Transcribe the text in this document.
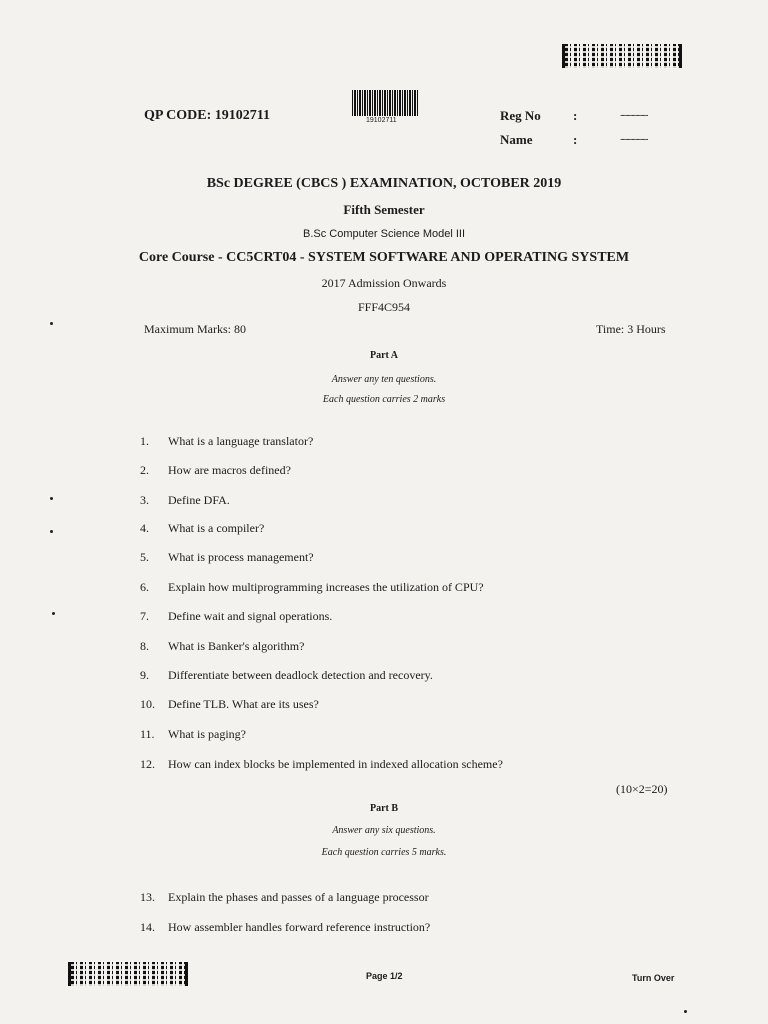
QP CODE: 19102711	19102711	Reg No :	......................
Name	:	......................
BSc DEGREE (CBCS ) EXAMINATION, OCTOBER 2019
Fifth Semester
B.Sc Computer Science Model III
Core Course - CC5CRT04 - SYSTEM SOFTWARE AND OPERATING SYSTEM
2017 Admission Onwards
FFF4C954
Maximum Marks: 80	Time: 3 Hours
Part A
Answer any ten questions.
Each question carries 2 marks
1.	What is a language translator?
2.	How are macros defined?
3.	Define DFA.
4.	What is a compiler?
5.	What is process management?
6.	Explain how multiprogramming increases the utilization of CPU?
7.	Define wait and signal operations.
8.	What is Banker's algorithm?
9.	Differentiate between deadlock detection and recovery.
10.	Define TLB. What are its uses?
11.	What is paging?
12.	How can index blocks be implemented in indexed allocation scheme?
(10×2=20)
Part B
Answer any six questions.
Each question carries 5 marks.
13.	Explain the phases and passes of a language processor
14.	How assembler handles forward reference instruction?
Page 1/2	Turn Over
